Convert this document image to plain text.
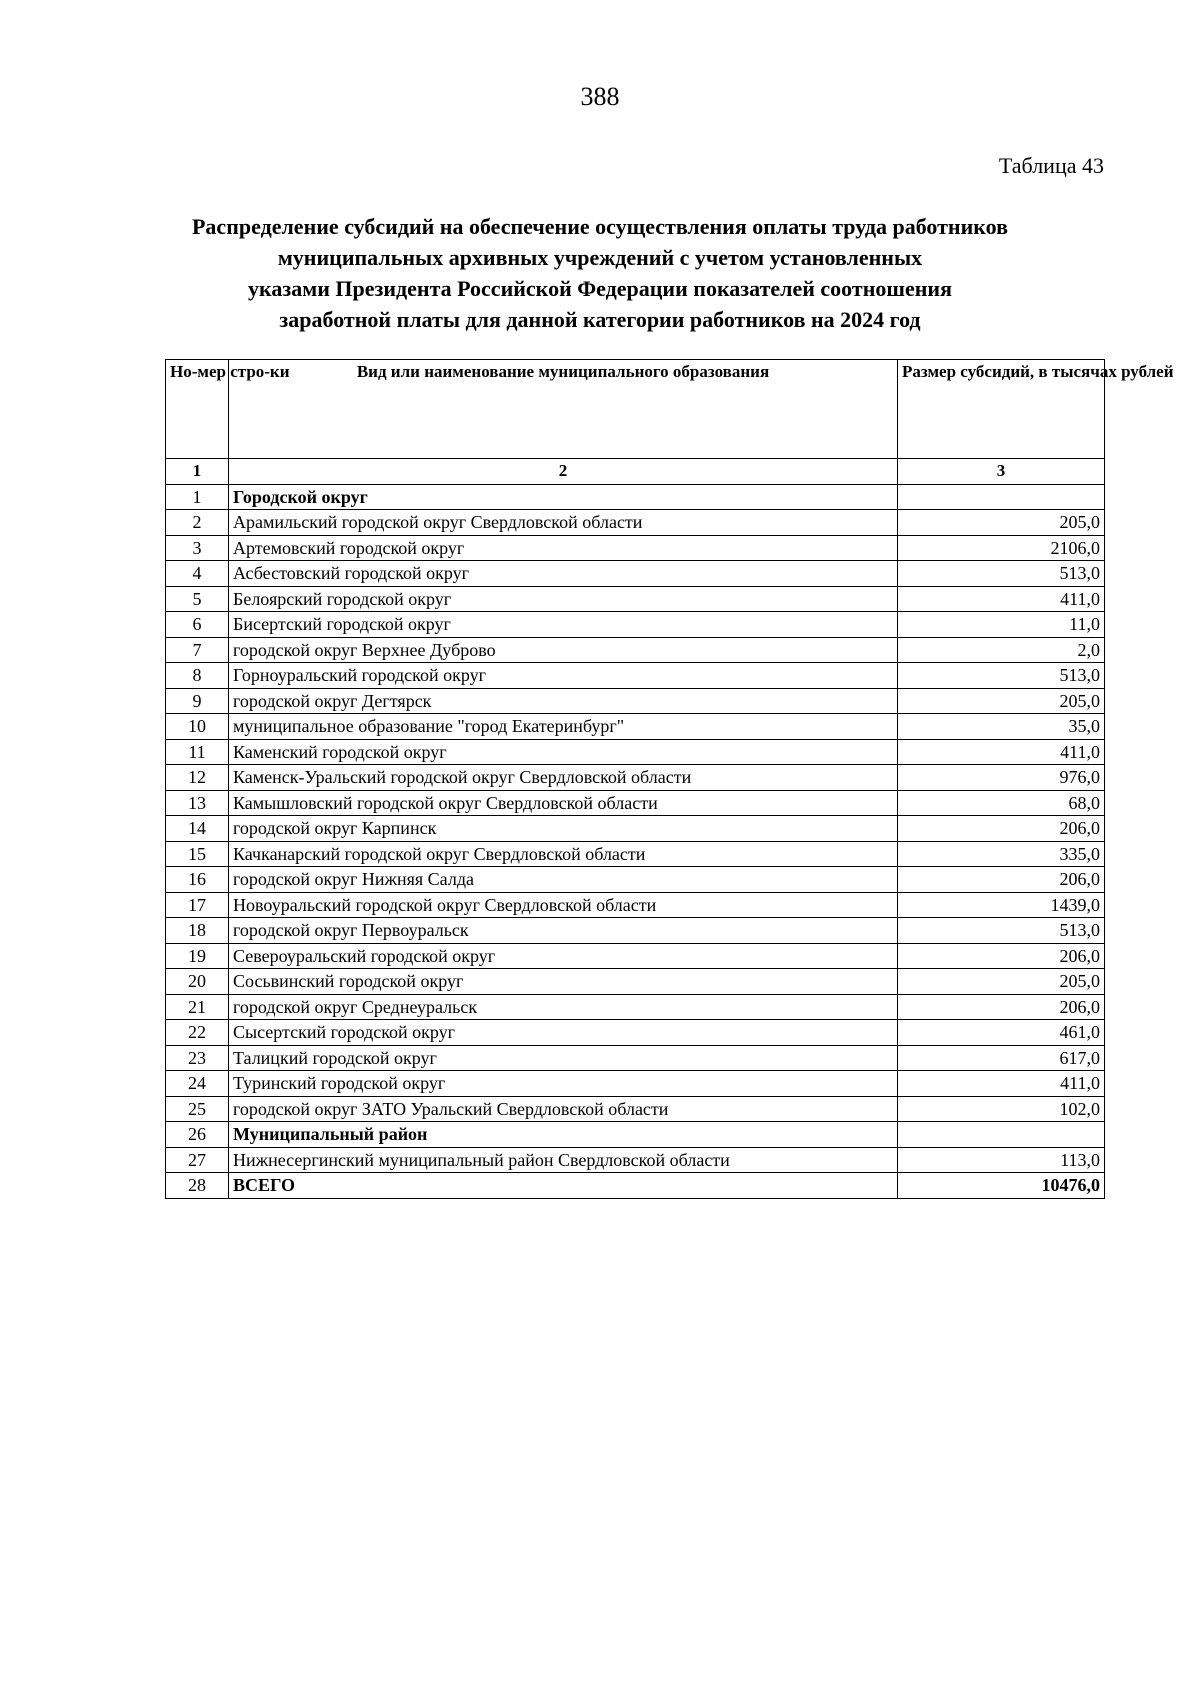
388
Таблица 43
Распределение субсидий на обеспечение осуществления оплаты труда работников
муниципальных архивных учреждений с учетом установленных
указами Президента Российской Федерации показателей соотношения
заработной платы для данной категории работников на 2024 год
Но-мер стро-ки	Вид или наименование муниципального образования	Размер субсидий, в тысячах рублей
1	2	3
1	Городской округ	
2	Арамильский городской округ Свердловской области	205,0
3	Артемовский городской округ	2106,0
4	Асбестовский городской округ	513,0
5	Белоярский городской округ	411,0
6	Бисертский городской округ	11,0
7	городской округ Верхнее Дуброво	2,0
8	Горноуральский городской округ	513,0
9	городской округ Дегтярск	205,0
10	муниципальное образование "город Екатеринбург"	35,0
11	Каменский городской округ	411,0
12	Каменск-Уральский городской округ Свердловской области	976,0
13	Камышловский городской округ Свердловской области	68,0
14	городской округ Карпинск	206,0
15	Качканарский городской округ Свердловской области	335,0
16	городской округ Нижняя Салда	206,0
17	Новоуральский городской округ Свердловской области	1439,0
18	городской округ Первоуральск	513,0
19	Североуральский городской округ	206,0
20	Сосьвинский городской округ	205,0
21	городской округ Среднеуральск	206,0
22	Сысертский городской округ	461,0
23	Талицкий городской округ	617,0
24	Туринский городской округ	411,0
25	городской округ ЗАТО Уральский Свердловской области	102,0
26	Муниципальный район	
27	Нижнесергинский муниципальный район Свердловской области	113,0
28	ВСЕГО	10476,0
